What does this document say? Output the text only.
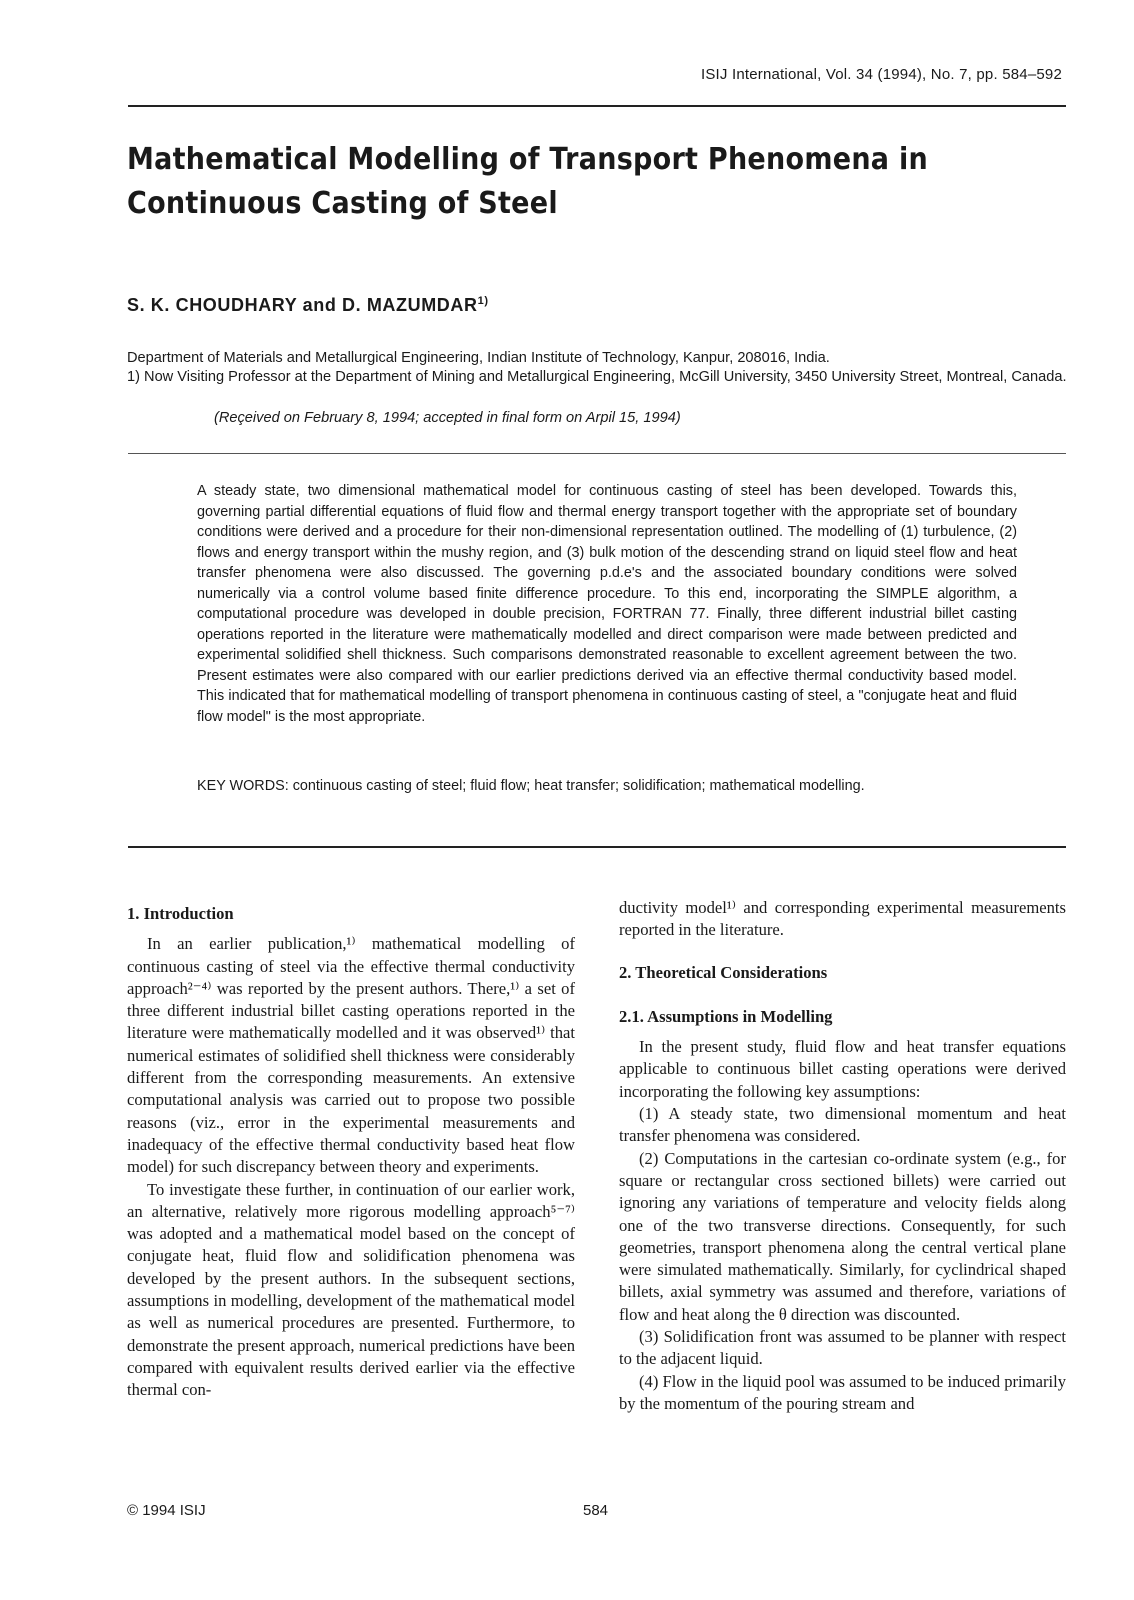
ISIJ International, Vol. 34 (1994), No. 7, pp. 584–592
Mathematical Modelling of Transport Phenomena in Continuous Casting of Steel
S. K. CHOUDHARY and D. MAZUMDAR$^{1)}$
Department of Materials and Metallurgical Engineering, Indian Institute of Technology, Kanpur, 208016, India.
1) Now Visiting Professor at the Department of Mining and Metallurgical Engineering, McGill University, 3450 University Street, Montreal, Canada.
(Reçeived on February 8, 1994; accepted in final form on Arpil 15, 1994)
A steady state, two dimensional mathematical model for continuous casting of steel has been developed. Towards this, governing partial differential equations of fluid flow and thermal energy transport together with the appropriate set of boundary conditions were derived and a procedure for their non-dimensional representation outlined. The modelling of (1) turbulence, (2) flows and energy transport within the mushy region, and (3) bulk motion of the descending strand on liquid steel flow and heat transfer phenomena were also discussed. The governing p.d.e's and the associated boundary conditions were solved numerically via a control volume based finite difference procedure. To this end, incorporating the SIMPLE algorithm, a computational procedure was developed in double precision, FORTRAN 77. Finally, three different industrial billet casting operations reported in the literature were mathematically modelled and direct comparison were made between predicted and experimental solidified shell thickness. Such comparisons demonstrated reasonable to excellent agreement between the two. Present estimates were also compared with our earlier predictions derived via an effective thermal conductivity based model. This indicated that for mathematical modelling of transport phenomena in continuous casting of steel, a "conjugate heat and fluid flow model" is the most appropriate.
KEY WORDS: continuous casting of steel; fluid flow; heat transfer; solidification; mathematical modelling.
1. Introduction

In an earlier publication,¹⁾ mathematical modelling of continuous casting of steel via the effective thermal conductivity approach²⁻⁴⁾ was reported by the present authors. There,¹⁾ a set of three different industrial billet casting operations reported in the literature were mathematically modelled and it was observed¹⁾ that numerical estimates of solidified shell thickness were considerably different from the corresponding measurements. An extensive computational analysis was carried out to propose two possible reasons (viz., error in the experimental measurements and inadequacy of the effective thermal conductivity based heat flow model) for such discrepancy between theory and experiments.

To investigate these further, in continuation of our earlier work, an alternative, relatively more rigorous modelling approach⁵⁻⁷⁾ was adopted and a mathematical model based on the concept of conjugate heat, fluid flow and solidification phenomena was developed by the present authors. In the subsequent sections, assumptions in modelling, development of the mathematical model as well as numerical procedures are presented. Furthermore, to demonstrate the present approach, numerical predictions have been compared with equivalent results derived earlier via the effective thermal con-

ductivity model¹⁾ and corresponding experimental measurements reported in the literature.

2. Theoretical Considerations
2.1. Assumptions in Modelling

In the present study, fluid flow and heat transfer equations applicable to continuous billet casting operations were derived incorporating the following key assumptions:

(1) A steady state, two dimensional momentum and heat transfer phenomena was considered.

(2) Computations in the cartesian co-ordinate system (e.g., for square or rectangular cross sectioned billets) were carried out ignoring any variations of temperature and velocity fields along one of the two transverse directions. Consequently, for such geometries, transport phenomena along the central vertical plane were simulated mathematically. Similarly, for cyclindrical shaped billets, axial symmetry was assumed and therefore, variations of flow and heat along the θ direction was discounted.

(3) Solidification front was assumed to be planner with respect to the adjacent liquid.

(4) Flow in the liquid pool was assumed to be induced primarily by the momentum of the pouring stream and

© 1994 ISIJ	584
